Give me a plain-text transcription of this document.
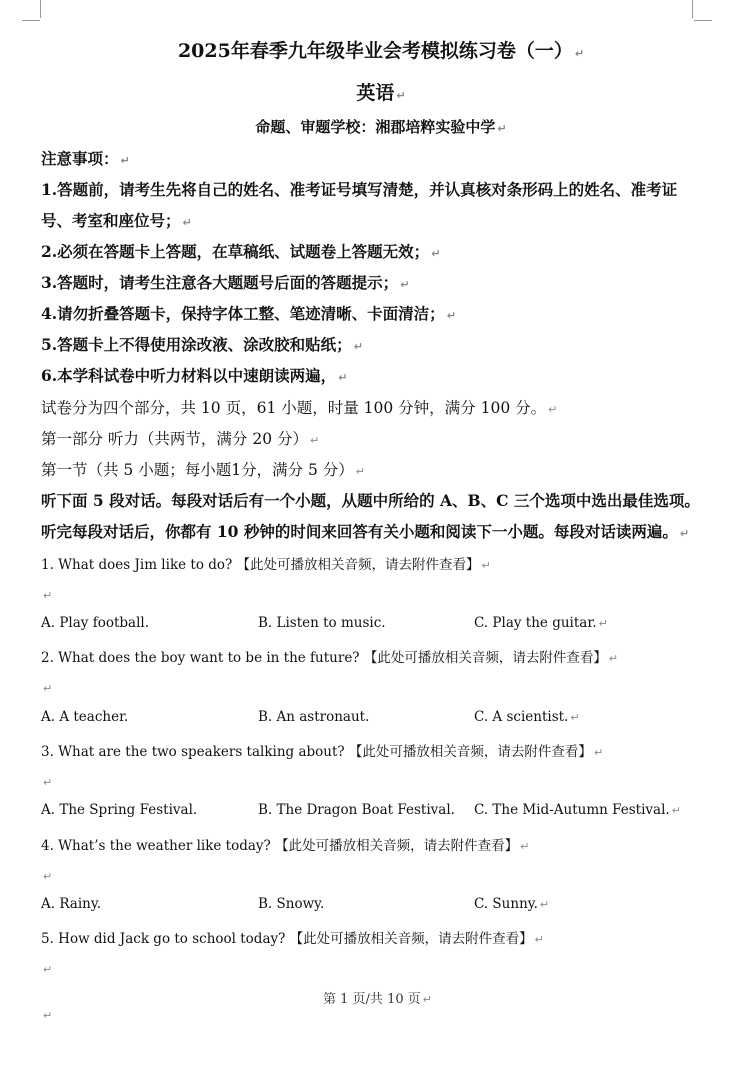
2025年春季九年级毕业会考模拟练习卷（一） ↵
英语 ↵
命题、审题学校：湘郡培粹实验中学 ↵
注意事项： ↵
1.答题前，请考生先将自己的姓名、准考证号填写清楚，并认真核对条形码上的姓名、准考证
号、考室和座位号； ↵
2.必须在答题卡上答题，在草稿纸、试题卷上答题无效； ↵
3.答题时，请考生注意各大题题号后面的答题提示； ↵
4.请勿折叠答题卡，保持字体工整、笔迹清晰、卡面清洁； ↵
5.答题卡上不得使用涂改液、涂改胶和贴纸； ↵
6.本学科试卷中听力材料以中速朗读两遍， ↵
试卷分为四个部分，共 10 页，61 小题，时量 100 分钟，满分 100 分。 ↵
第一部分 听力（共两节，满分 20 分） ↵
第一节（共 5 小题；每小题1分，满分 5 分） ↵
听下面 5 段对话。每段对话后有一个小题，从题中所给的 A、B、C 三个选项中选出最佳选项。
听完每段对话后，你都有 10 秒钟的时间来回答有关小题和阅读下一小题。每段对话读两遍。 ↵
1. What does Jim like to do? 【此处可播放相关音频，请去附件查看】 ↵
↵
A. Play football.	B. Listen to music.	C. Play the guitar. ↵
2. What does the boy want to be in the future? 【此处可播放相关音频，请去附件查看】 ↵
↵
A. A teacher.	B. An astronaut.	C. A scientist. ↵
3. What are the two speakers talking about? 【此处可播放相关音频，请去附件查看】 ↵
↵
A. The Spring Festival.	B. The Dragon Boat Festival. C. The Mid-Autumn Festival. ↵
4. What’s the weather like today? 【此处可播放相关音频，请去附件查看】 ↵
↵
A. Rainy.	B. Snowy.	C. Sunny. ↵
5. How did Jack go to school today? 【此处可播放相关音频，请去附件查看】 ↵
↵
第 1 页/共 10 页 ↵
↵
